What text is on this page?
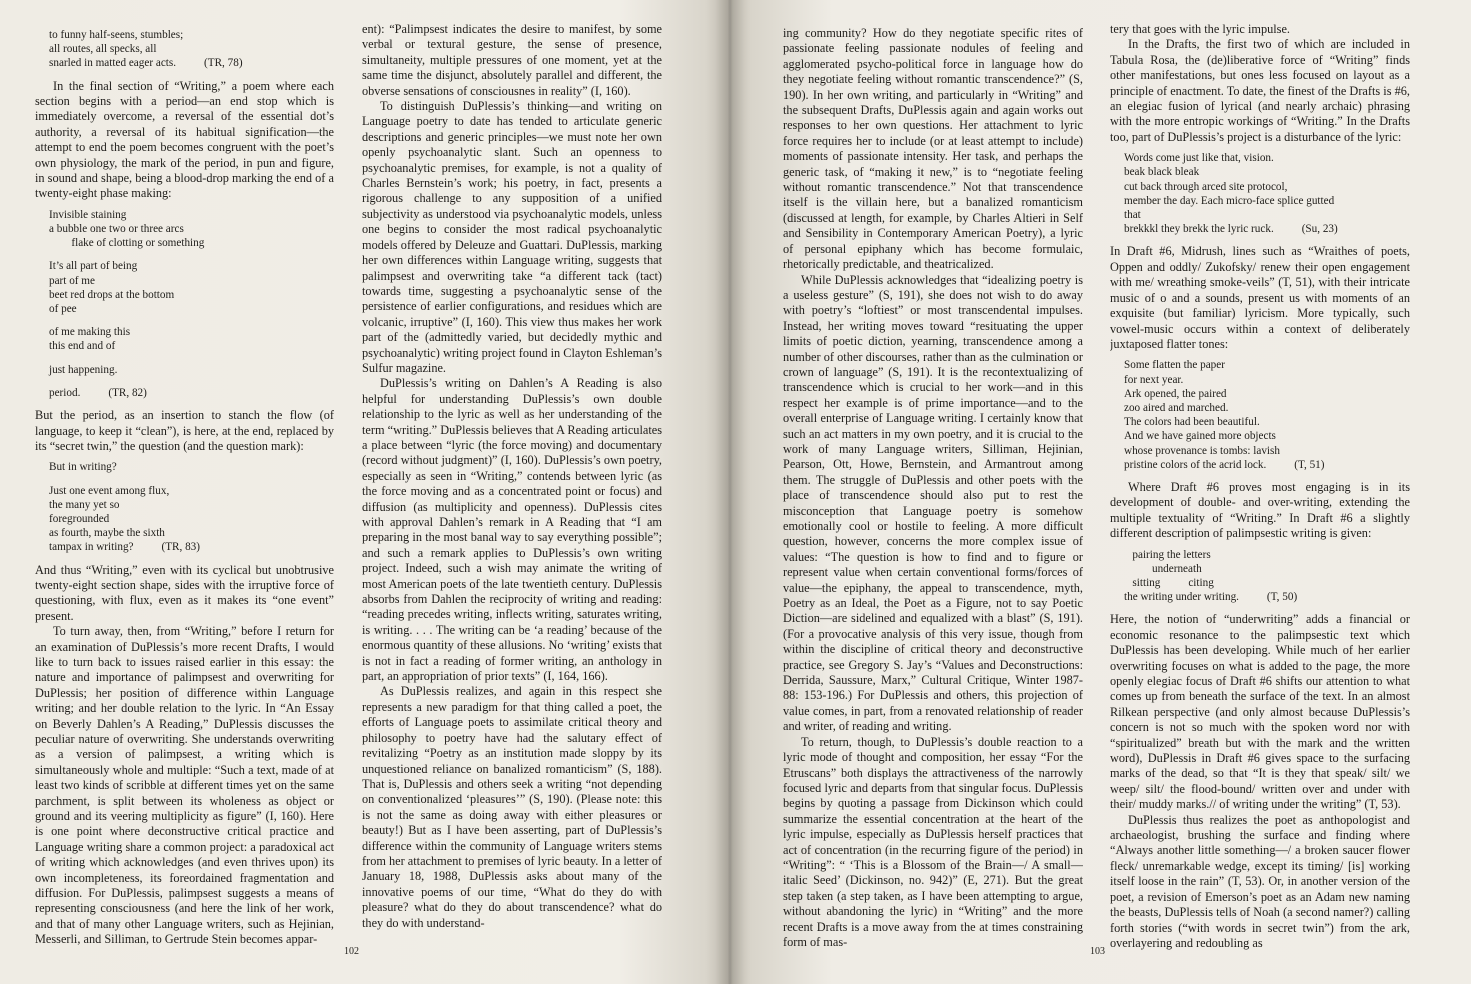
to funny half-seens, stumbles;
all routes, all specks, all
snarled in matted eager acts.          (TR, 78)

In the final section of “Writing,” a poem where each section begins with a period—an end stop which is immediately overcome, a reversal of the essential dot’s authority, a reversal of its habitual signification—the attempt to end the poem becomes congruent with the poet’s own physiology, the mark of the period, in pun and figure, in sound and shape, being a blood-drop marking the end of a twenty-eight phase making:

Invisible staining
a bubble one two or three arcs
flake of clotting or something
It’s all part of being
part of me
beet red drops at the bottom
of pee
of me making this
this end and of
just happening.
period.          (TR, 82)

But the period, as an insertion to stanch the flow (of language, to keep it “clean”), is here, at the end, replaced by its “secret twin,” the question (and the question mark):

But in writing?
Just one event among flux,
the many yet so
foregrounded
as fourth, maybe the sixth
tampax in writing?          (TR, 83)

And thus “Writing,” even with its cyclical but unobtrusive twenty-eight section shape, sides with the irruptive force of questioning, with flux, even as it makes its “one event” present.

To turn away, then, from “Writing,” before I return for an examination of DuPlessis’s more recent Drafts, I would like to turn back to issues raised earlier in this essay: the nature and importance of palimpsest and overwriting for DuPlessis; her position of difference within Language writing; and her double relation to the lyric. In “An Essay on Beverly Dahlen’s A Reading,” DuPlessis discusses the peculiar nature of overwriting. She understands overwriting as a version of palimpsest, a writing which is simultaneously whole and multiple: “Such a text, made of at least two kinds of scribble at different times yet on the same parchment, is split between its wholeness as object or ground and its veering multiplicity as figure” (I, 160). Here is one point where deconstructive critical practice and Language writing share a common project: a paradoxical act of writing which acknowledges (and even thrives upon) its own incompleteness, its foreordained fragmentation and diffusion. For DuPlessis, palimpsest suggests a means of representing consciousness (and here the link of her work, and that of many other Language writers, such as Hejinian, Messerli, and Silliman, to Gertrude Stein becomes appar-

ent): “Palimpsest indicates the desire to manifest, by some verbal or textural gesture, the sense of presence, simultaneity, multiple pressures of one moment, yet at the same time the disjunct, absolutely parallel and different, the obverse sensations of consciousnes in reality” (I, 160).

To distinguish DuPlessis’s thinking—and writing on Language poetry to date has tended to articulate generic descriptions and generic principles—we must note her own openly psychoanalytic slant. Such an openness to psychoanalytic premises, for example, is not a quality of Charles Bernstein’s work; his poetry, in fact, presents a rigorous challenge to any supposition of a unified subjectivity as understood via psychoanalytic models, unless one begins to consider the most radical psychoanalytic models offered by Deleuze and Guattari. DuPlessis, marking her own differences within Language writing, suggests that palimpsest and overwriting take “a different tack (tact) towards time, suggesting a psychoanalytic sense of the persistence of earlier configurations, and residues which are volcanic, irruptive” (I, 160). This view thus makes her work part of the (admittedly varied, but decidedly mythic and psychoanalytic) writing project found in Clayton Eshleman’s Sulfur magazine.

DuPlessis’s writing on Dahlen’s A Reading is also helpful for understanding DuPlessis’s own double relationship to the lyric as well as her understanding of the term “writing.” DuPlessis believes that A Reading articulates a place between “lyric (the force moving) and documentary (record without judgment)” (I, 160). DuPlessis’s own poetry, especially as seen in “Writing,” contends between lyric (as the force moving and as a concentrated point or focus) and diffusion (as multiplicity and openness). DuPlessis cites with approval Dahlen’s remark in A Reading that “I am preparing in the most banal way to say everything possible”; and such a remark applies to DuPlessis’s own writing project. Indeed, such a wish may animate the writing of most American poets of the late twentieth century. DuPlessis absorbs from Dahlen the reciprocity of writing and reading: “reading precedes writing, inflects writing, saturates writing, is writing. . . . The writing can be ‘a reading’ because of the enormous quantity of these allusions. No ‘writing’ exists that is not in fact a reading of former writing, an anthology in part, an appropriation of prior texts” (I, 164, 166).

As DuPlessis realizes, and again in this respect she represents a new paradigm for that thing called a poet, the efforts of Language poets to assimilate critical theory and philosophy to poetry have had the salutary effect of revitalizing “Poetry as an institution made sloppy by its unquestioned reliance on banalized romanticism” (S, 188). That is, DuPlessis and others seek a writing “not depending on conventionalized ‘pleasures’” (S, 190). (Please note: this is not the same as doing away with either pleasures or beauty!) But as I have been asserting, part of DuPlessis’s difference within the community of Language writers stems from her attachment to premises of lyric beauty. In a letter of January 18, 1988, DuPlessis asks about many of the innovative poems of our time, “What do they do with pleasure? what do they do about transcendence? what do they do with understand-

102

ing community? How do they negotiate specific rites of passionate feeling passionate nodules of feeling and agglomerated psycho-political force in language how do they negotiate feeling without romantic transcendence?” (S, 190). In her own writing, and particularly in “Writing” and the subsequent Drafts, DuPlessis again and again works out responses to her own questions. Her attachment to lyric force requires her to include (or at least attempt to include) moments of passionate intensity. Her task, and perhaps the generic task, of “making it new,” is to “negotiate feeling without romantic transcendence.” Not that transcendence itself is the villain here, but a banalized romanticism (discussed at length, for example, by Charles Altieri in Self and Sensibility in Contemporary American Poetry), a lyric of personal epiphany which has become formulaic, rhetorically predictable, and theatricalized.

While DuPlessis acknowledges that “idealizing poetry is a useless gesture” (S, 191), she does not wish to do away with poetry’s “loftiest” or most transcendental impulses. Instead, her writing moves toward “resituating the upper limits of poetic diction, yearning, transcendence among a number of other discourses, rather than as the culmination or crown of language” (S, 191). It is the recontextualizing of transcendence which is crucial to her work—and in this respect her example is of prime importance—and to the overall enterprise of Language writing. I certainly know that such an act matters in my own poetry, and it is crucial to the work of many Language writers, Silliman, Hejinian, Pearson, Ott, Howe, Bernstein, and Armantrout among them. The struggle of DuPlessis and other poets with the place of transcendence should also put to rest the misconception that Language poetry is somehow emotionally cool or hostile to feeling. A more difficult question, however, concerns the more complex issue of values: “The question is how to find and to figure or represent value when certain conventional forms/forces of value—the epiphany, the appeal to transcendence, myth, Poetry as an Ideal, the Poet as a Figure, not to say Poetic Diction—are sidelined and equalized with a blast” (S, 191). (For a provocative analysis of this very issue, though from within the discipline of critical theory and deconstructive practice, see Gregory S. Jay’s “Values and Deconstructions: Derrida, Saussure, Marx,” Cultural Critique, Winter 1987-88: 153-196.) For DuPlessis and others, this projection of value comes, in part, from a renovated relationship of reader and writer, of reading and writing.

To return, though, to DuPlessis’s double reaction to a lyric mode of thought and composition, her essay “For the Etruscans” both displays the attractiveness of the narrowly focused lyric and departs from that singular focus. DuPlessis begins by quoting a passage from Dickinson which could summarize the essential concentration at the heart of the lyric impulse, especially as DuPlessis herself practices that act of concentration (in the recurring figure of the period) in “Writing”: “ ‘This is a Blossom of the Brain—/ A small—italic Seed’ (Dickinson, no. 942)” (E, 271). But the great step taken (a step taken, as I have been attempting to argue, without abandoning the lyric) in “Writing” and the more recent Drafts is a move away from the at times constraining form of mas-

tery that goes with the lyric impulse.

In the Drafts, the first two of which are included in Tabula Rosa, the (de)liberative force of “Writing” finds other manifestations, but ones less focused on layout as a principle of enactment. To date, the finest of the Drafts is #6, an elegiac fusion of lyrical (and nearly archaic) phrasing with the more entropic workings of “Writing.” In the Drafts too, part of DuPlessis’s project is a disturbance of the lyric:

Words come just like that, vision.
beak black bleak
cut back through arced site protocol,
member the day. Each micro-face splice gutted
that
brekkkl they brekk the lyric ruck.          (Su, 23)

In Draft #6, Midrush, lines such as “Wraithes of poets, Oppen and oddly/ Zukofsky/ renew their open engagement with me/ wreathing smoke-veils” (T, 51), with their intricate music of o and a sounds, present us with moments of an exquisite (but familiar) lyricism. More typically, such vowel-music occurs within a context of deliberately juxtaposed flatter tones:

Some flatten the paper
for next year.
Ark opened, the paired
zoo aired and marched.
The colors had been beautiful.
And we have gained more objects
whose provenance is tombs: lavish
pristine colors of the acrid lock.          (T, 51)

Where Draft #6 proves most engaging is in its development of double- and over-writing, extending the multiple textuality of “Writing.” In Draft #6 a slightly different description of palimpsestic writing is given:

pairing the letters
underneath
sitting          citing
the writing under writing.          (T, 50)

Here, the notion of “underwriting” adds a financial or economic resonance to the palimpsestic text which DuPlessis has been developing. While much of her earlier overwriting focuses on what is added to the page, the more openly elegiac focus of Draft #6 shifts our attention to what comes up from beneath the surface of the text. In an almost Rilkean perspective (and only almost because DuPlessis’s concern is not so much with the spoken word nor with “spiritualized” breath but with the mark and the written word), DuPlessis in Draft #6 gives space to the surfacing marks of the dead, so that “It is they that speak/ silt/ we weep/ silt/ the flood-bound/ written over and under with their/ muddy marks.// of writing under the writing” (T, 53).

DuPlessis thus realizes the poet as anthopologist and archaeologist, brushing the surface and finding where “Always another little something—/ a broken saucer flower fleck/ unremarkable wedge, except its timing/ [is] working itself loose in the rain” (T, 53). Or, in another version of the poet, a revision of Emerson’s poet as an Adam new naming the beasts, DuPlessis tells of Noah (a second namer?) calling forth stories (“with words in secret twin”) from the ark, overlayering and redoubling as

103
